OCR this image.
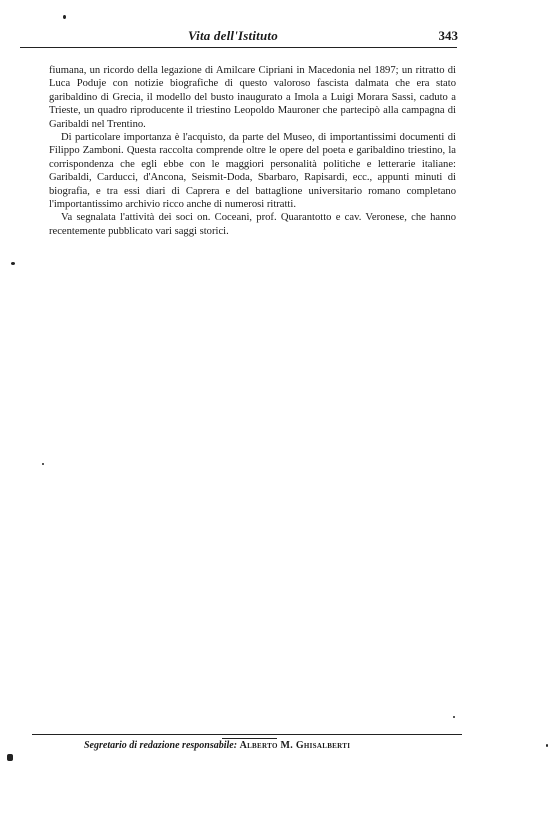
Vita dell'Istituto	343

fiumana, un ricordo della legazione di Amilcare Cipriani in Macedonia nel 1897; un ritratto di Luca Poduje con notizie biografiche di questo valoroso fascista dalmata che era stato garibaldino di Grecia, il modello del busto inaugurato a Imola a Luigi Morara Sassi, caduto a Trieste, un quadro riproducente il triestino Leopoldo Mauroner che partecipò alla campagna di Garibaldi nel Trentino.

Di particolare importanza è l'acquisto, da parte del Museo, di importantissimi documenti di Filippo Zamboni. Questa raccolta comprende oltre le opere del poeta e garibaldino triestino, la corrispondenza che egli ebbe con le maggiori personalità politiche e letterarie italiane: Garibaldi, Carducci, d'Ancona, Seismit-Doda, Sbarbaro, Rapisardi, ecc., appunti minuti di biografia, e tra essi diari di Caprera e del battaglione universitario romano completano l'importantissimo archivio ricco anche di numerosi ritratti.

Va segnalata l'attività dei soci on. Coceani, prof. Quarantotto e cav. Veronese, che hanno recentemente pubblicato vari saggi storici.

Segretario di redazione responsabile: Alberto M. Ghisalberti
